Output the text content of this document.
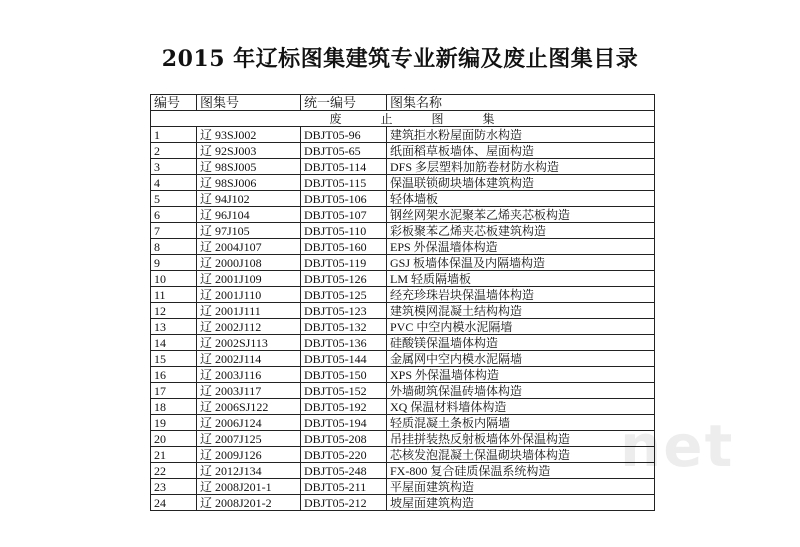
2015 年辽标图集建筑专业新编及废止图集目录
编号	图集号	统一编号	图集名称
废 止 图 集			
1	辽 93SJ002	DBJT05-96	建筑拒水粉屋面防水构造
2	辽 92SJ003	DBJT05-65	纸面稻草板墙体、屋面构造
3	辽 98SJ005	DBJT05-114	DFS 多层塑料加筋卷材防水构造
4	辽 98SJ006	DBJT05-115	保温联锁砌块墙体建筑构造
5	辽 94J102	DBJT05-106	轻体墙板
6	辽 96J104	DBJT05-107	钢丝网架水泥聚苯乙烯夹芯板构造
7	辽 97J105	DBJT05-110	彩板聚苯乙烯夹芯板建筑构造
8	辽 2004J107	DBJT05-160	EPS 外保温墙体构造
9	辽 2000J108	DBJT05-119	GSJ 板墙体保温及内隔墙构造
10	辽 2001J109	DBJT05-126	LM 轻质隔墙板
11	辽 2001J110	DBJT05-125	经充珍珠岩块保温墙体构造
12	辽 2001J111	DBJT05-123	建筑模网混凝土结构构造
13	辽 2002J112	DBJT05-132	PVC 中空内模水泥隔墙
14	辽 2002SJ113	DBJT05-136	硅酸镁保温墙体构造
15	辽 2002J114	DBJT05-144	金属网中空内模水泥隔墙
16	辽 2003J116	DBJT05-150	XPS 外保温墙体构造
17	辽 2003J117	DBJT05-152	外墙砌筑保温砖墙体构造
18	辽 2006SJ122	DBJT05-192	XQ 保温材料墙体构造
19	辽 2006J124	DBJT05-194	轻质混凝土条板内隔墙
20	辽 2007J125	DBJT05-208	吊挂拼装热反射板墙体外保温构造
21	辽 2009J126	DBJT05-220	芯核发泡混凝土保温砌块墙体构造
22	辽 2012J134	DBJT05-248	FX-800 复合硅质保温系统构造
23	辽 2008J201-1	DBJT05-211	平屋面建筑构造
24	辽 2008J201-2	DBJT05-212	坡屋面建筑构造
net
